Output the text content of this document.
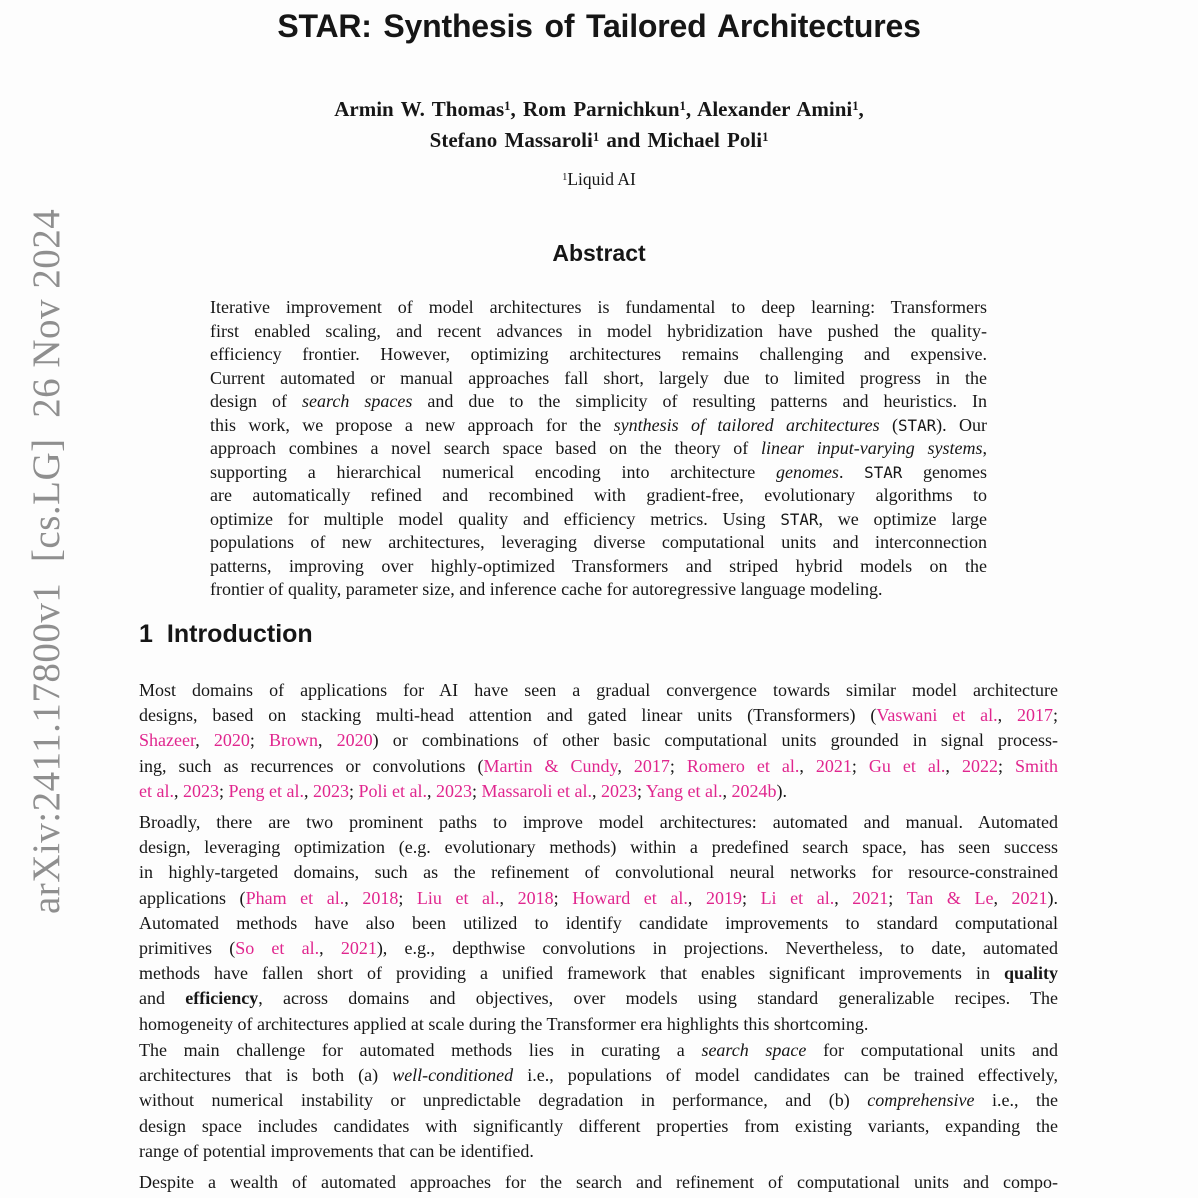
arXiv:2411.17800v1  [cs.LG]  26 Nov 2024
STAR: Synthesis of Tailored Architectures
Armin W. Thomas$^1$, Rom Parnichkun$^1$, Alexander Amini$^1$,
Stefano Massaroli$^1$ and Michael Poli$^1$
$^1$Liquid AI
Abstract
Iterative improvement of model architectures is fundamental to deep learning: Transformers
first enabled scaling, and recent advances in model hybridization have pushed the quality-
efficiency frontier. However, optimizing architectures remains challenging and expensive.
Current automated or manual approaches fall short, largely due to limited progress in the
design of search spaces and due to the simplicity of resulting patterns and heuristics. In
this work, we propose a new approach for the synthesis of tailored architectures (STAR). Our
approach combines a novel search space based on the theory of linear input-varying systems,
supporting a hierarchical numerical encoding into architecture genomes. STAR genomes
are automatically refined and recombined with gradient-free, evolutionary algorithms to
optimize for multiple model quality and efficiency metrics. Using STAR, we optimize large
populations of new architectures, leveraging diverse computational units and interconnection
patterns, improving over highly-optimized Transformers and striped hybrid models on the
frontier of quality, parameter size, and inference cache for autoregressive language modeling.
1 Introduction
Most domains of applications for AI have seen a gradual convergence towards similar model architecture
designs, based on stacking multi-head attention and gated linear units (Transformers) (Vaswani et al., 2017;
Shazeer, 2020; Brown, 2020) or combinations of other basic computational units grounded in signal process-
ing, such as recurrences or convolutions (Martin & Cundy, 2017; Romero et al., 2021; Gu et al., 2022; Smith
et al., 2023; Peng et al., 2023; Poli et al., 2023; Massaroli et al., 2023; Yang et al., 2024b).
Broadly, there are two prominent paths to improve model architectures: automated and manual. Automated
design, leveraging optimization (e.g. evolutionary methods) within a predefined search space, has seen success
in highly-targeted domains, such as the refinement of convolutional neural networks for resource-constrained
applications (Pham et al., 2018; Liu et al., 2018; Howard et al., 2019; Li et al., 2021; Tan & Le, 2021).
Automated methods have also been utilized to identify candidate improvements to standard computational
primitives (So et al., 2021), e.g., depthwise convolutions in projections. Nevertheless, to date, automated
methods have fallen short of providing a unified framework that enables significant improvements in quality
and efficiency, across domains and objectives, over models using standard generalizable recipes. The
homogeneity of architectures applied at scale during the Transformer era highlights this shortcoming.
The main challenge for automated methods lies in curating a search space for computational units and
architectures that is both (a) well-conditioned i.e., populations of model candidates can be trained effectively,
without numerical instability or unpredictable degradation in performance, and (b) comprehensive i.e., the
design space includes candidates with significantly different properties from existing variants, expanding the
range of potential improvements that can be identified.
Despite a wealth of automated approaches for the search and refinement of computational units and compo-
